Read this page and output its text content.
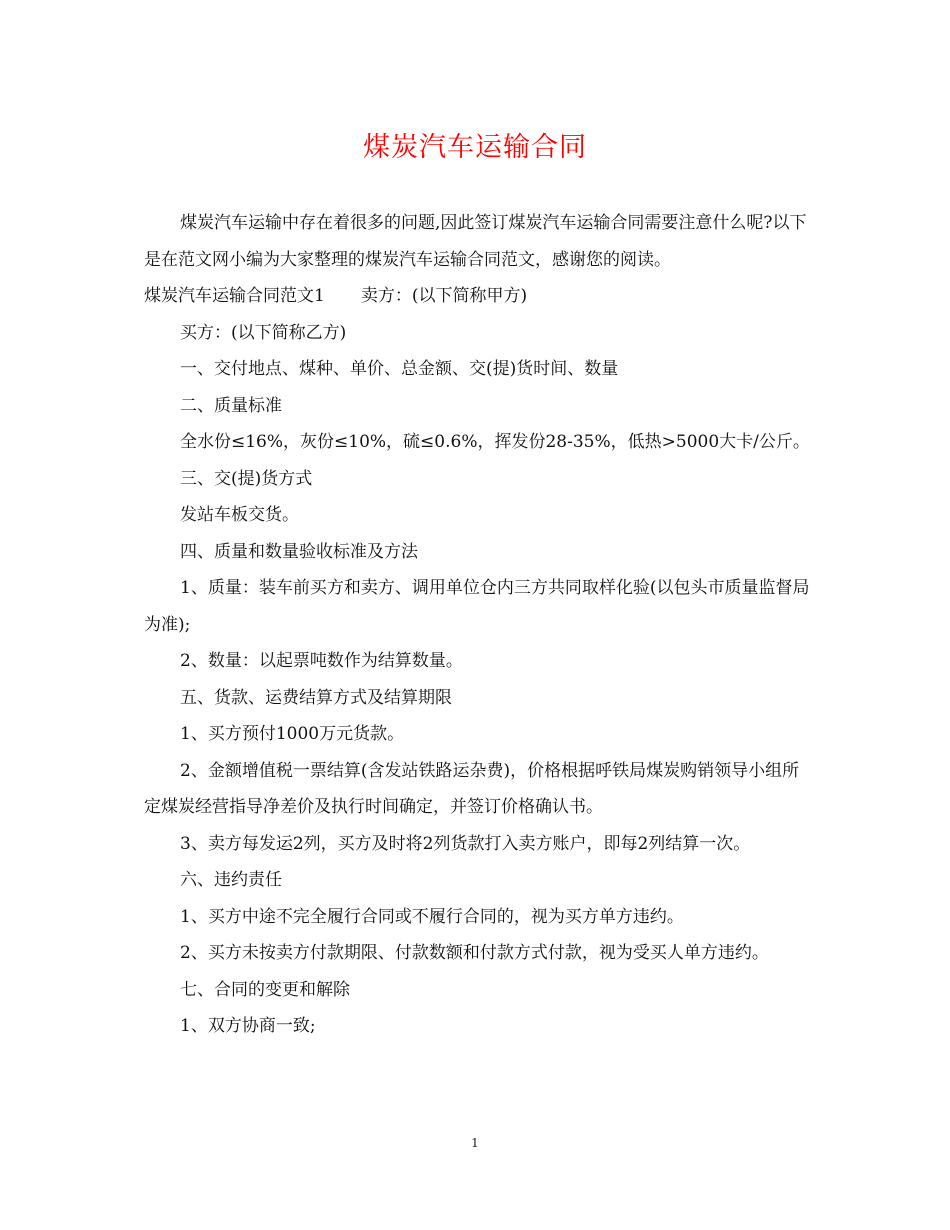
煤炭汽车运输合同

煤炭汽车运输中存在着很多的问题,因此签订煤炭汽车运输合同需要注意什么呢?以下是在范文网小编为大家整理的煤炭汽车运输合同范文，感谢您的阅读。

煤炭汽车运输合同范文1 卖方：(以下简称甲方)

买方：(以下简称乙方)

一、交付地点、煤种、单价、总金额、交(提)货时间、数量

二、质量标准

全水份≤16%，灰份≤10%，硫≤0.6%，挥发份28-35%，低热>5000大卡/公斤。

三、交(提)货方式

发站车板交货。

四、质量和数量验收标准及方法

1、质量：装车前买方和卖方、调用单位仓内三方共同取样化验(以包头市质量监督局为准);

2、数量：以起票吨数作为结算数量。

五、货款、运费结算方式及结算期限

1、买方预付1000万元货款。

2、金额增值税一票结算(含发站铁路运杂费)，价格根据呼铁局煤炭购销领导小组所定煤炭经营指导净差价及执行时间确定，并签订价格确认书。

3、卖方每发运2列，买方及时将2列货款打入卖方账户，即每2列结算一次。

六、违约责任

1、买方中途不完全履行合同或不履行合同的，视为买方单方违约。

2、买方未按卖方付款期限、付款数额和付款方式付款，视为受买人单方违约。

七、合同的变更和解除

1、双方协商一致;

1
